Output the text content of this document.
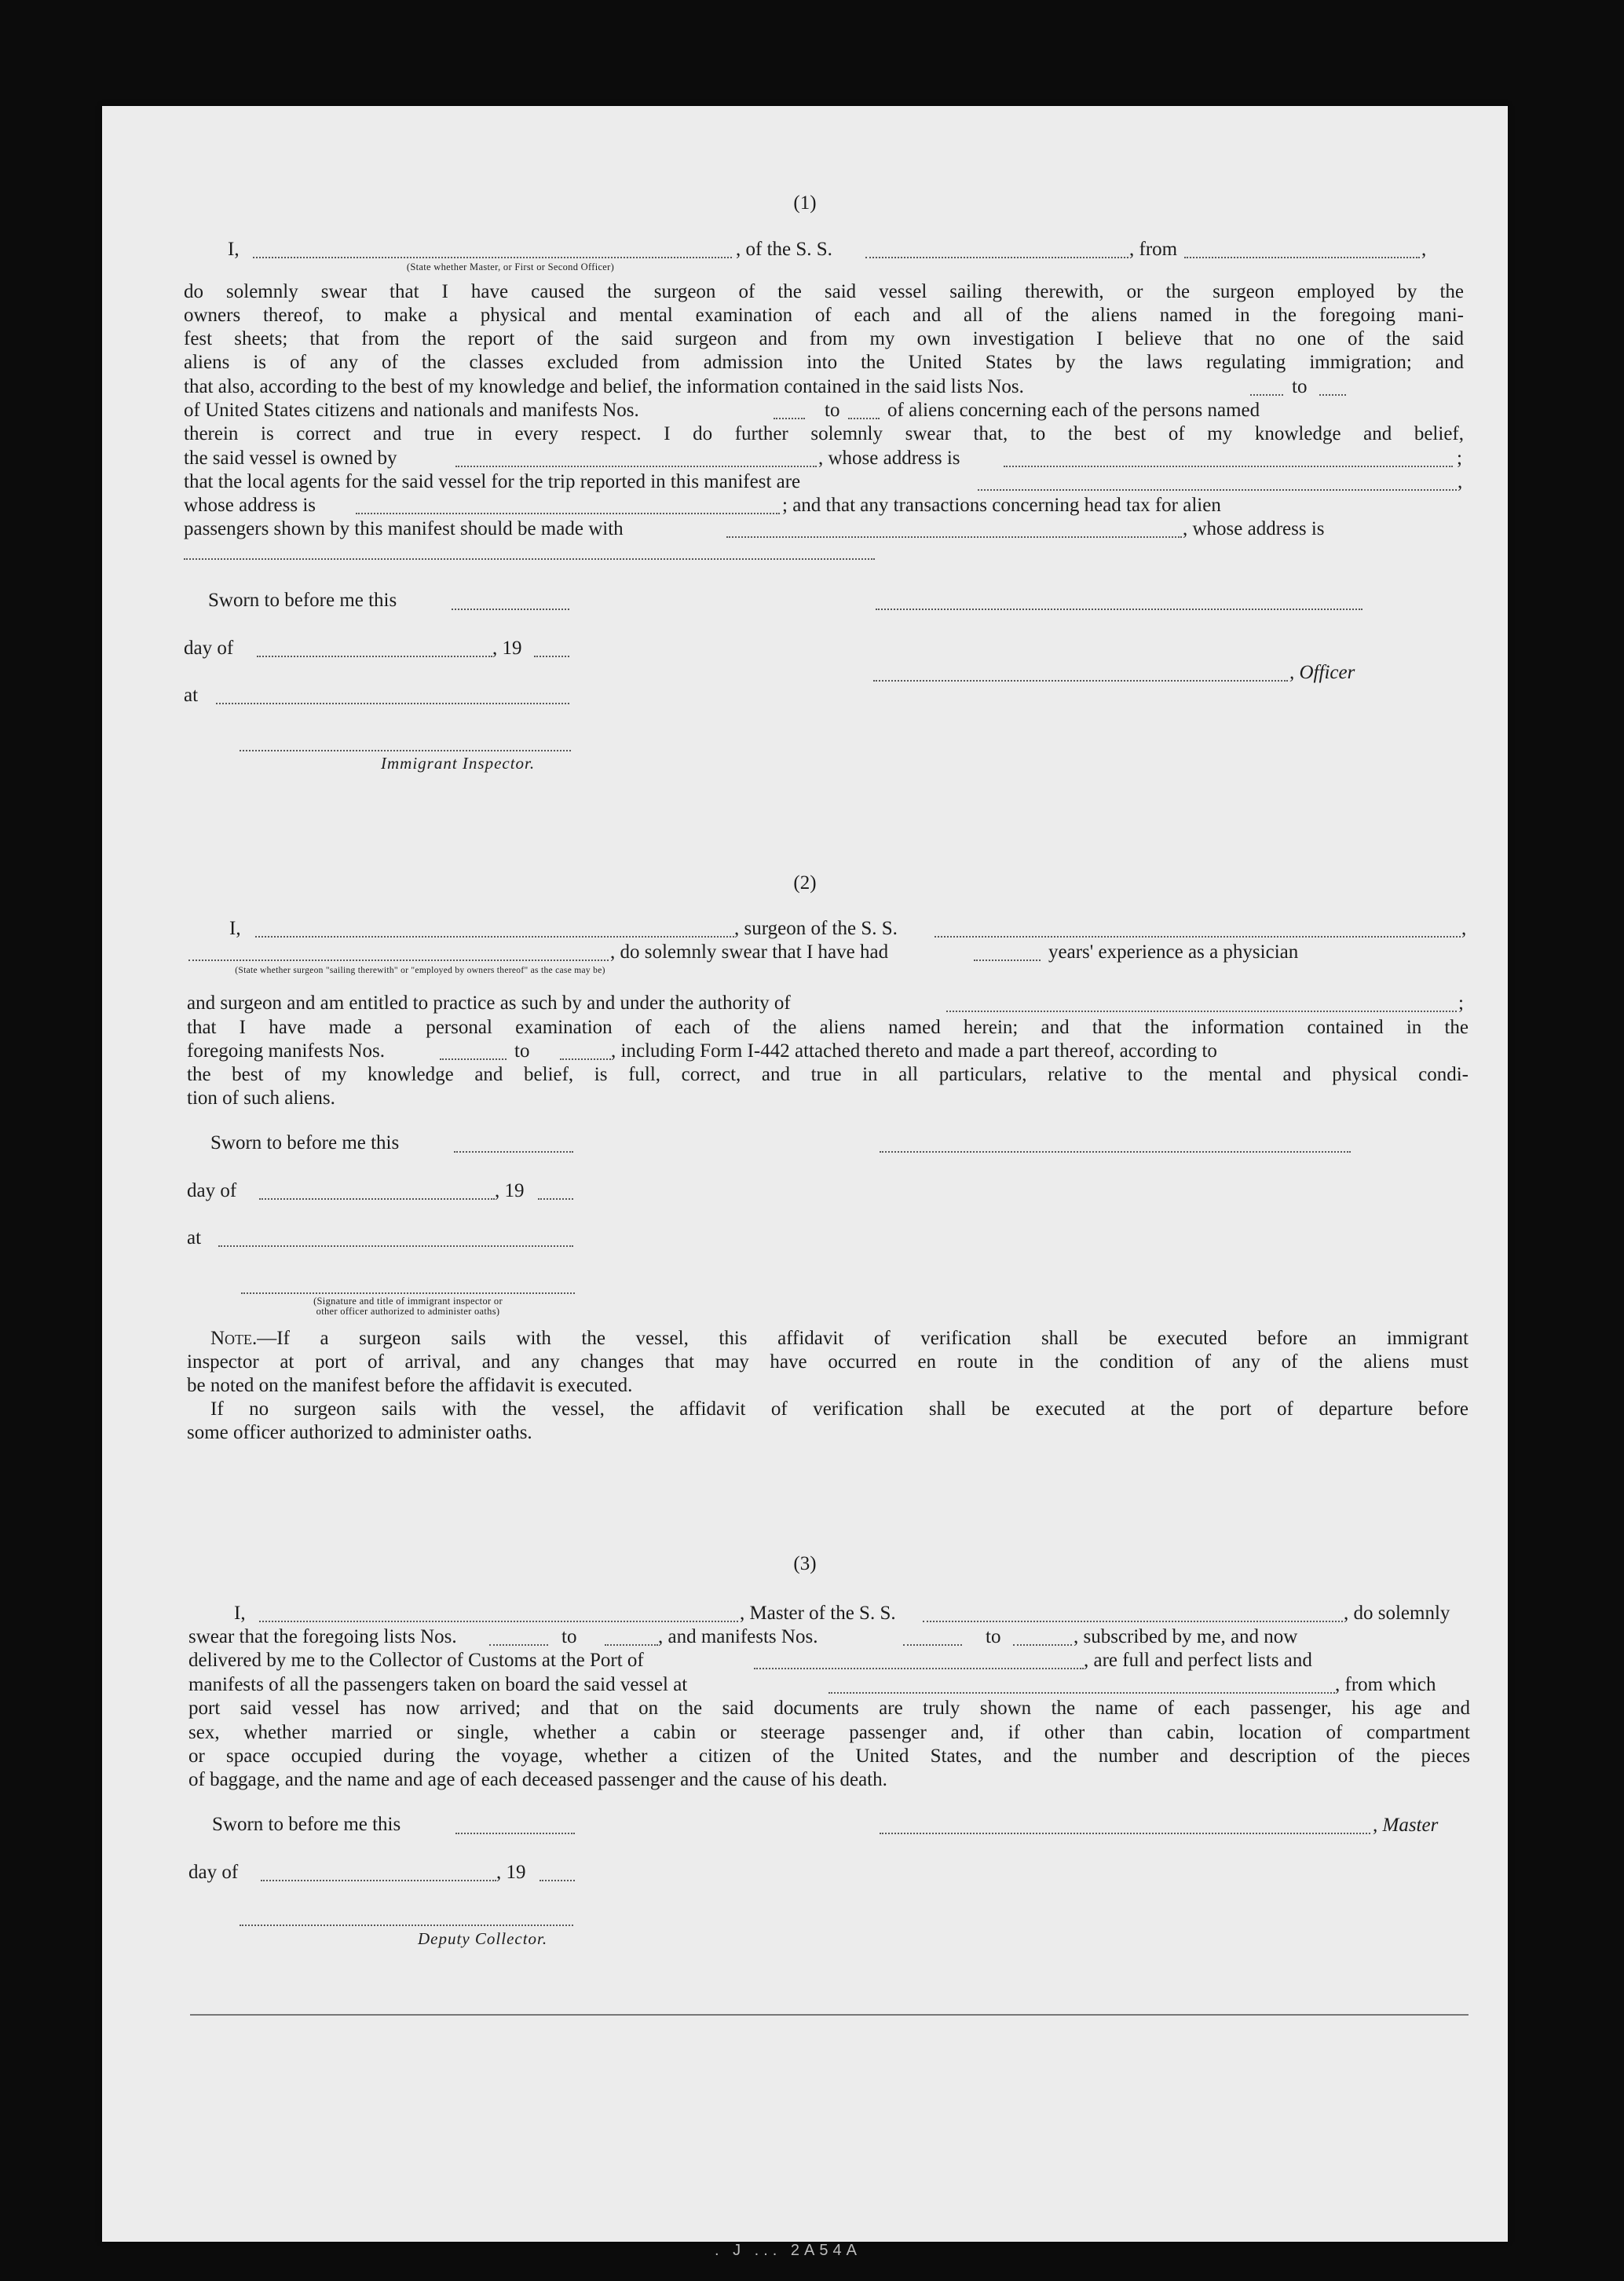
(1)
I,	, of the S. S.	, from	,
(State whether Master, or First or Second Officer)
do solemnly swear that I have caused the surgeon of the said vessel sailing therewith, or the surgeon employed by the
owners thereof, to make a physical and mental examination of each and all of the aliens named in the foregoing mani-
fest sheets; that from the report of the said surgeon and from my own investigation I believe that no one of the said
aliens is of any of the classes excluded from admission into the United States by the laws regulating immigration; and
that also, according to the best of my knowledge and belief, the information contained in the said lists Nos.	to
of United States citizens and nationals and manifests Nos.	to of aliens concerning each of the persons named
therein is correct and true in every respect. I do further solemnly swear that, to the best of my knowledge and belief,
the said vessel is owned by	, whose address is	;
that the local agents for the said vessel for the trip reported in this manifest are	,
whose address is	; and that any transactions concerning head tax for alien
passengers shown by this manifest should be made with	, whose address is
Sworn to before me this
day of	, 19
, Officer
at
Immigrant Inspector.
(2)
I,	, surgeon of the S. S.	,
, do solemnly swear that I have had	years' experience as a physician
(State whether surgeon "sailing therewith" or "employed by owners thereof" as the case may be)
and surgeon and am entitled to practice as such by and under the authority of	;
that I have made a personal examination of each of the aliens named herein; and that the information contained in the
foregoing manifests Nos.	to	, including Form I-442 attached thereto and made a part thereof, according to
the best of my knowledge and belief, is full, correct, and true in all particulars, relative to the mental and physical condi-
tion of such aliens.
Sworn to before me this
day of	, 19
at
(Signature and title of immigrant inspector or
other officer authorized to administer oaths)
Note.—If a surgeon sails with the vessel, this affidavit of verification shall be executed before an immigrant
inspector at port of arrival, and any changes that may have occurred en route in the condition of any of the aliens must
be noted on the manifest before the affidavit is executed.
If no surgeon sails with the vessel, the affidavit of verification shall be executed at the port of departure before
some officer authorized to administer oaths.
(3)
I,	, Master of the S. S.	, do solemnly
swear that the foregoing lists Nos.	to	, and manifests Nos.	to	, subscribed by me, and now
delivered by me to the Collector of Customs at the Port of	, are full and perfect lists and
manifests of all the passengers taken on board the said vessel at	, from which
port said vessel has now arrived; and that on the said documents are truly shown the name of each passenger, his age and
sex, whether married or single, whether a cabin or steerage passenger and, if other than cabin, location of compartment
or space occupied during the voyage, whether a citizen of the United States, and the number and description of the pieces
of baggage, and the name and age of each deceased passenger and the cause of his death.
Sworn to before me this	, Master
day of	, 19
Deputy Collector.
. J ... 2A54A
